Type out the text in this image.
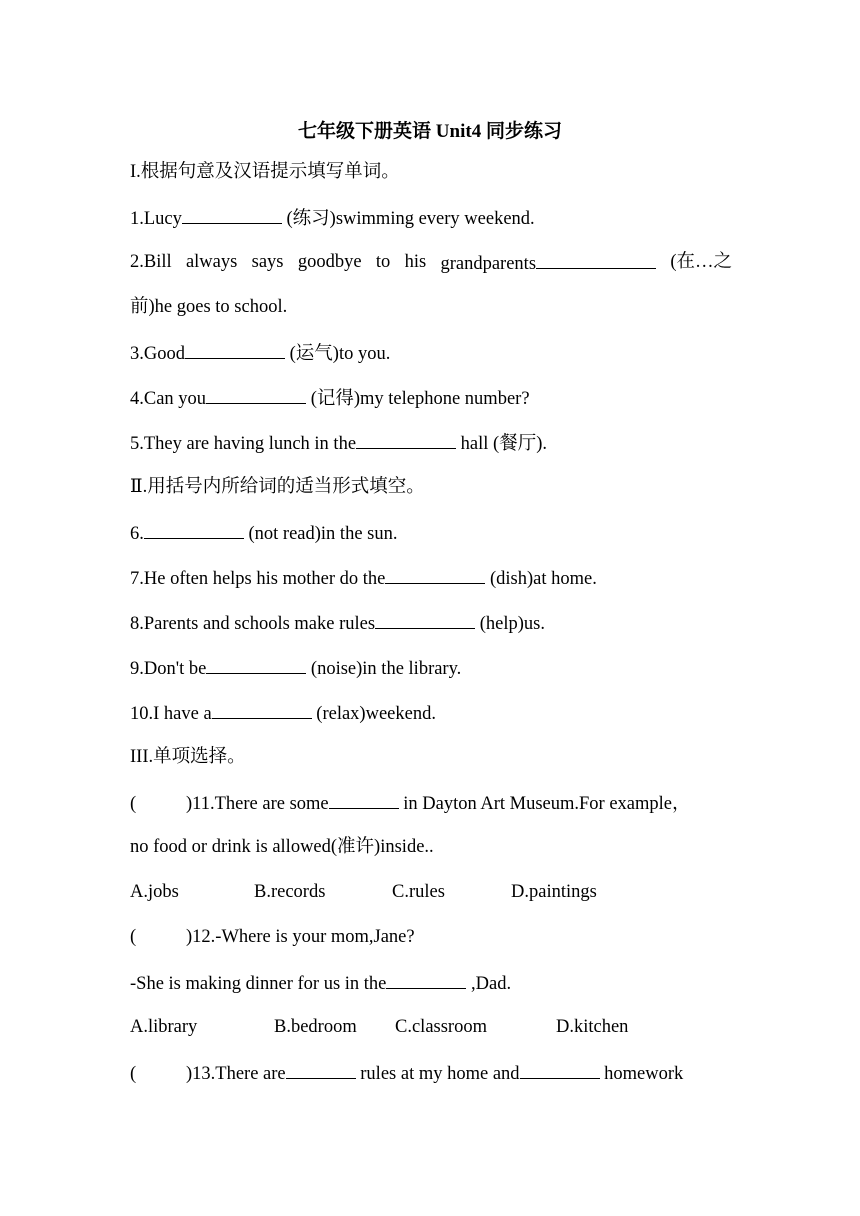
七年级下册英语 Unit4 同步练习
I.根据句意及汉语提示填写单词。
1.Lucy	(练习)swimming every weekend.
2.Bill always says goodbye to his grandparents	(在…之
前)he goes to school.
3.Good	(运气)to you.
4.Can you	(记得)my telephone number?
5.They are having lunch in the	hall (餐厅).
Ⅱ.用括号内所给词的适当形式填空。
6.	(not read)in the sun.
7.He often helps his mother do the	(dish)at home.
8.Parents and schools make rules	(help)us.
9.Don't be	(noise)in the library.
10.I have a	(relax)weekend.
III.单项选择。
(	)11.There are some	in Dayton Art Museum.For example，
no food or drink is allowed(准许)inside..
A.jobs	B.records	C.rules	D.paintings
(	)12.-Where is your mom,Jane?
-She is making dinner for us in the	,Dad.
A.library	B.bedroom C.classroom	D.kitchen
(	)13.There are	rules at my home and	homework
